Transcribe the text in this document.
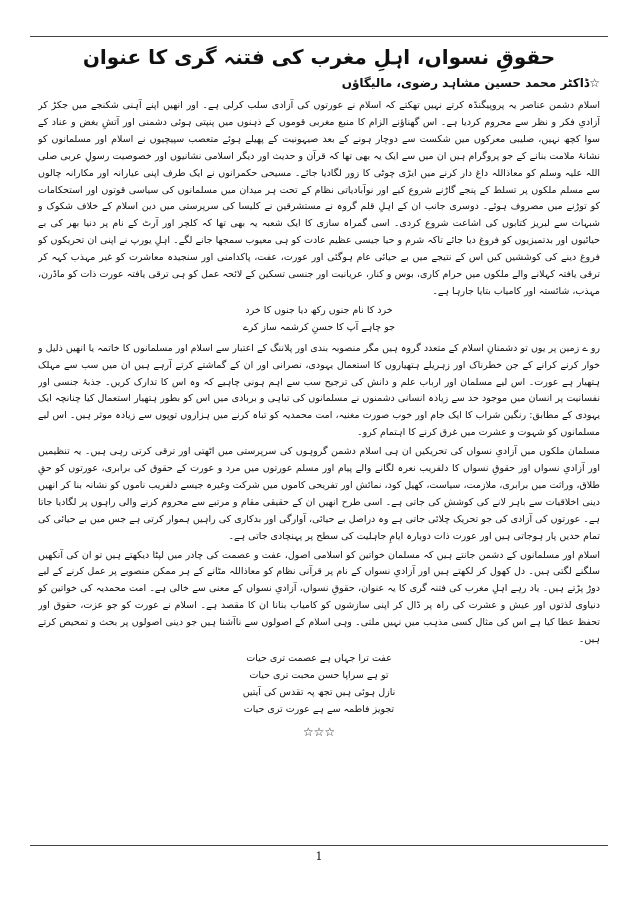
حقوقِ نسواں، اہلِ مغرب کی فتنہ گری کا عنوان
☆ڈاکٹر محمد حسین مشاہد رضوی، مالیگاؤں

اسلام دشمن عناصر یہ پروپیگنڈہ کرتے نہیں تھکتے کہ اسلام نے عورتوں کی آزادی سلب کرلی ہے۔ اور انھیں اپنے آہنی شکنجے میں جکڑ کر آزادیِ فکر و نظر سے محروم کردیا ہے۔ اس گھناؤنے الزام کا منبع مغربی قوموں کے ذہنوں میں پنپتی ہوئی دشمنی اور آتشِ بغض و عناد کے سوا کچھ نہیں، صلیبی معرکوں میں شکست سے دوچار ہونے کے بعد صیہونیت کے پھیلے ہوئے متعصب سپیچیوں نے اسلام اور مسلمانوں کو نشانۂ ملامت بنانے کے جو پروگرام ہیں ان میں سے ایک یہ بھی تھا کہ قرآن و حدیث اور دیگر اسلامی نشانیوں اور خصوصیت رسولِ عربی صلی اللہ علیہ وسلم کو معاذاللہ داغ دار کرنے میں ایڑی چوٹی کا زور لگادیا جائے۔ مسیحی حکمرانوں نے ایک طرف اپنی عیارانہ اور مکارانہ چالوں سے مسلم ملکوں پر تسلط کے پنجے گاڑنے شروع کیے اور نوآبادیاتی نظام کے تحت ہر میدان میں مسلمانوں کی سیاسی قوتوں اور استحکامات کو توڑنے میں مصروف ہوئے۔ دوسری جانب ان کے اہلِ قلم گروہ نے مستشرقین نے کلیسا کی سرپرستی میں دین اسلام کے خلاف شکوک و شبہات سے لبریز کتابوں کی اشاعت شروع کردی۔ اسی گمراہ سازی کا ایک شعبہ یہ بھی تھا کہ کلچر اور آرٹ کے نام پر دنیا بھر کی بے حیائیوں اور بدتمیزیوں کو فروغ دیا جائے تاکہ شرم و حیا جیسی عظیم عادت کو ہی معیوب سمجھا جانے لگے۔ اہلِ یورپ نے اپنی ان تحریکوں کو فروغ دینے کی کوششیں کیں اس کے نتیجے میں بے حیائی عام ہوگئی اور عورت، عفت، پاکدامنی اور سنجیدہ معاشرت کو غیر مہذب کہہ کر ترقی یافتہ کہلانے والے ملکوں میں حرام کاری، بوس و کنار، عریانیت اور جنسی تسکین کے لائحہ عمل کو ہی ترقی یافتہ عورت ذات کو ماڈرن، مہذب، شائستہ اور کامیاب بتایا جارہا ہے۔

خرد کا نام جنوں رکھ دیا جنوں کا خرد
جو چاہے آپ کا حسنِ کرشمہ ساز کرے

رو ے زمین پر یوں تو دشمنانِ اسلام کے متعدد گروہ ہیں مگر منصوبہ بندی اور پلاننگ کے اعتبار سے اسلام اور مسلمانوں کا خاتمہ یا انھیں ذلیل و خوار کرنے کرانے کے جن خطرناک اور زہریلے ہتھیاروں کا استعمال یہودی، نصرانی اور ان کے گماشتے کرتے آرہے ہیں ان میں سب سے مہلک ہتھیار ہے عورت۔ اس لیے مسلمان اور ارباب علم و دانش کی ترجیح سب سے اہم ہونی چاہیے کہ وہ اس کا تدارک کریں۔ جذبۂ جنسی اور نفسانیت پر انسان میں موجود حد سے زیادہ انسانی دشمنوں نے مسلمانوں کی تباہی و بربادی میں اس کو بطور ہتھیار استعمال کیا چنانچہ ایک یہودی کے مطابق: رنگین شراب کا ایک جام اور خوب صورت مغنیہ، امت محمدیہ کو تباہ کرنے میں ہزاروں توپوں سے زیادہ موثر ہیں۔ اس لیے مسلمانوں کو شہوت و عشرت میں غرق کرنے کا اہتمام کرو۔

مسلمان ملکوں میں آزادیِ نسواں کی تحریکیں ان ہی اسلام دشمن گروہوں کی سرپرستی میں اٹھتی اور ترقی کرتی رہی ہیں۔ یہ تنظیمیں اور آزادیِ نسواں اور حقوقِ نسواں کا دلفریب نعرہ لگانے والے پیام اور مسلم عورتوں میں مرد و عورت کے حقوق کی برابری، عورتوں کو حقِ طلاق، وراثت میں برابری، ملازمت، سیاست، کھیل کود، نمائش اور تفریحی کاموں میں شرکت وغیرہ جیسے دلفریب ناموں کو نشانہ بنا کر انھیں دینی اخلاقیات سے باہر لانے کی کوشش کی جاتی ہے۔ اسی طرح انھیں ان کے حقیقی مقام و مرتبے سے محروم کرنے والی راہوں پر لگادیا جاتا ہے۔ عورتوں کی آزادی کی جو تحریک چلائی جاتی ہے وہ دراصل بے حیائی، آوارگی اور بدکاری کی راہیں ہموار کرتی ہے جس میں بے حیائی کی تمام حدیں پار ہوجاتی ہیں اور عورت ذات دوبارہ ایامِ جاہلیت کی سطح پر پہنچادی جاتی ہے۔

اسلام اور مسلمانوں کے دشمن جانتے ہیں کہ مسلمان خواتین کو اسلامی اصول، عفت و عصمت کی چادر میں لپٹا دیکھتے ہیں تو ان کی آنکھیں سلگنے لگتی ہیں۔ دل کھول کر لکھتے ہیں اور آزادیِ نسواں کے نام پر قرآنی نظام کو معاذاللہ مٹانے کے ہر ممکن منصوبے پر عمل کرنے کے لیے دوڑ پڑتے ہیں۔ یاد رہے اہلِ مغرب کی فتنہ گری کا یہ عنوان، حقوقِ نسواں، آزادیِ نسواں کے معنی سے خالی ہے۔ امت محمدیہ کی خواتین کو دنیاوی لذتوں اور عیش و عشرت کی راہ پر ڈال کر اپنی سازشوں کو کامیاب بنانا ان کا مقصد ہے۔ اسلام نے عورت کو جو عزت، حقوق اور تحفظ عطا کیا ہے اس کی مثال کسی مذہب میں نہیں ملتی۔ وہی اسلام کے اصولوں سے ناآشنا ہیں جو دینی اصولوں پر بحث و تمحیص کرتے ہیں۔

عفت ترا جہاں ہے عصمت تری حیات
تو ہے سراپا حسن محبت تری حیات
نازل ہوئی ہیں تجھ پہ تقدس کی آیتیں
تجویز فاطمہ سے ہے عورت تری حیات
☆☆☆
1
